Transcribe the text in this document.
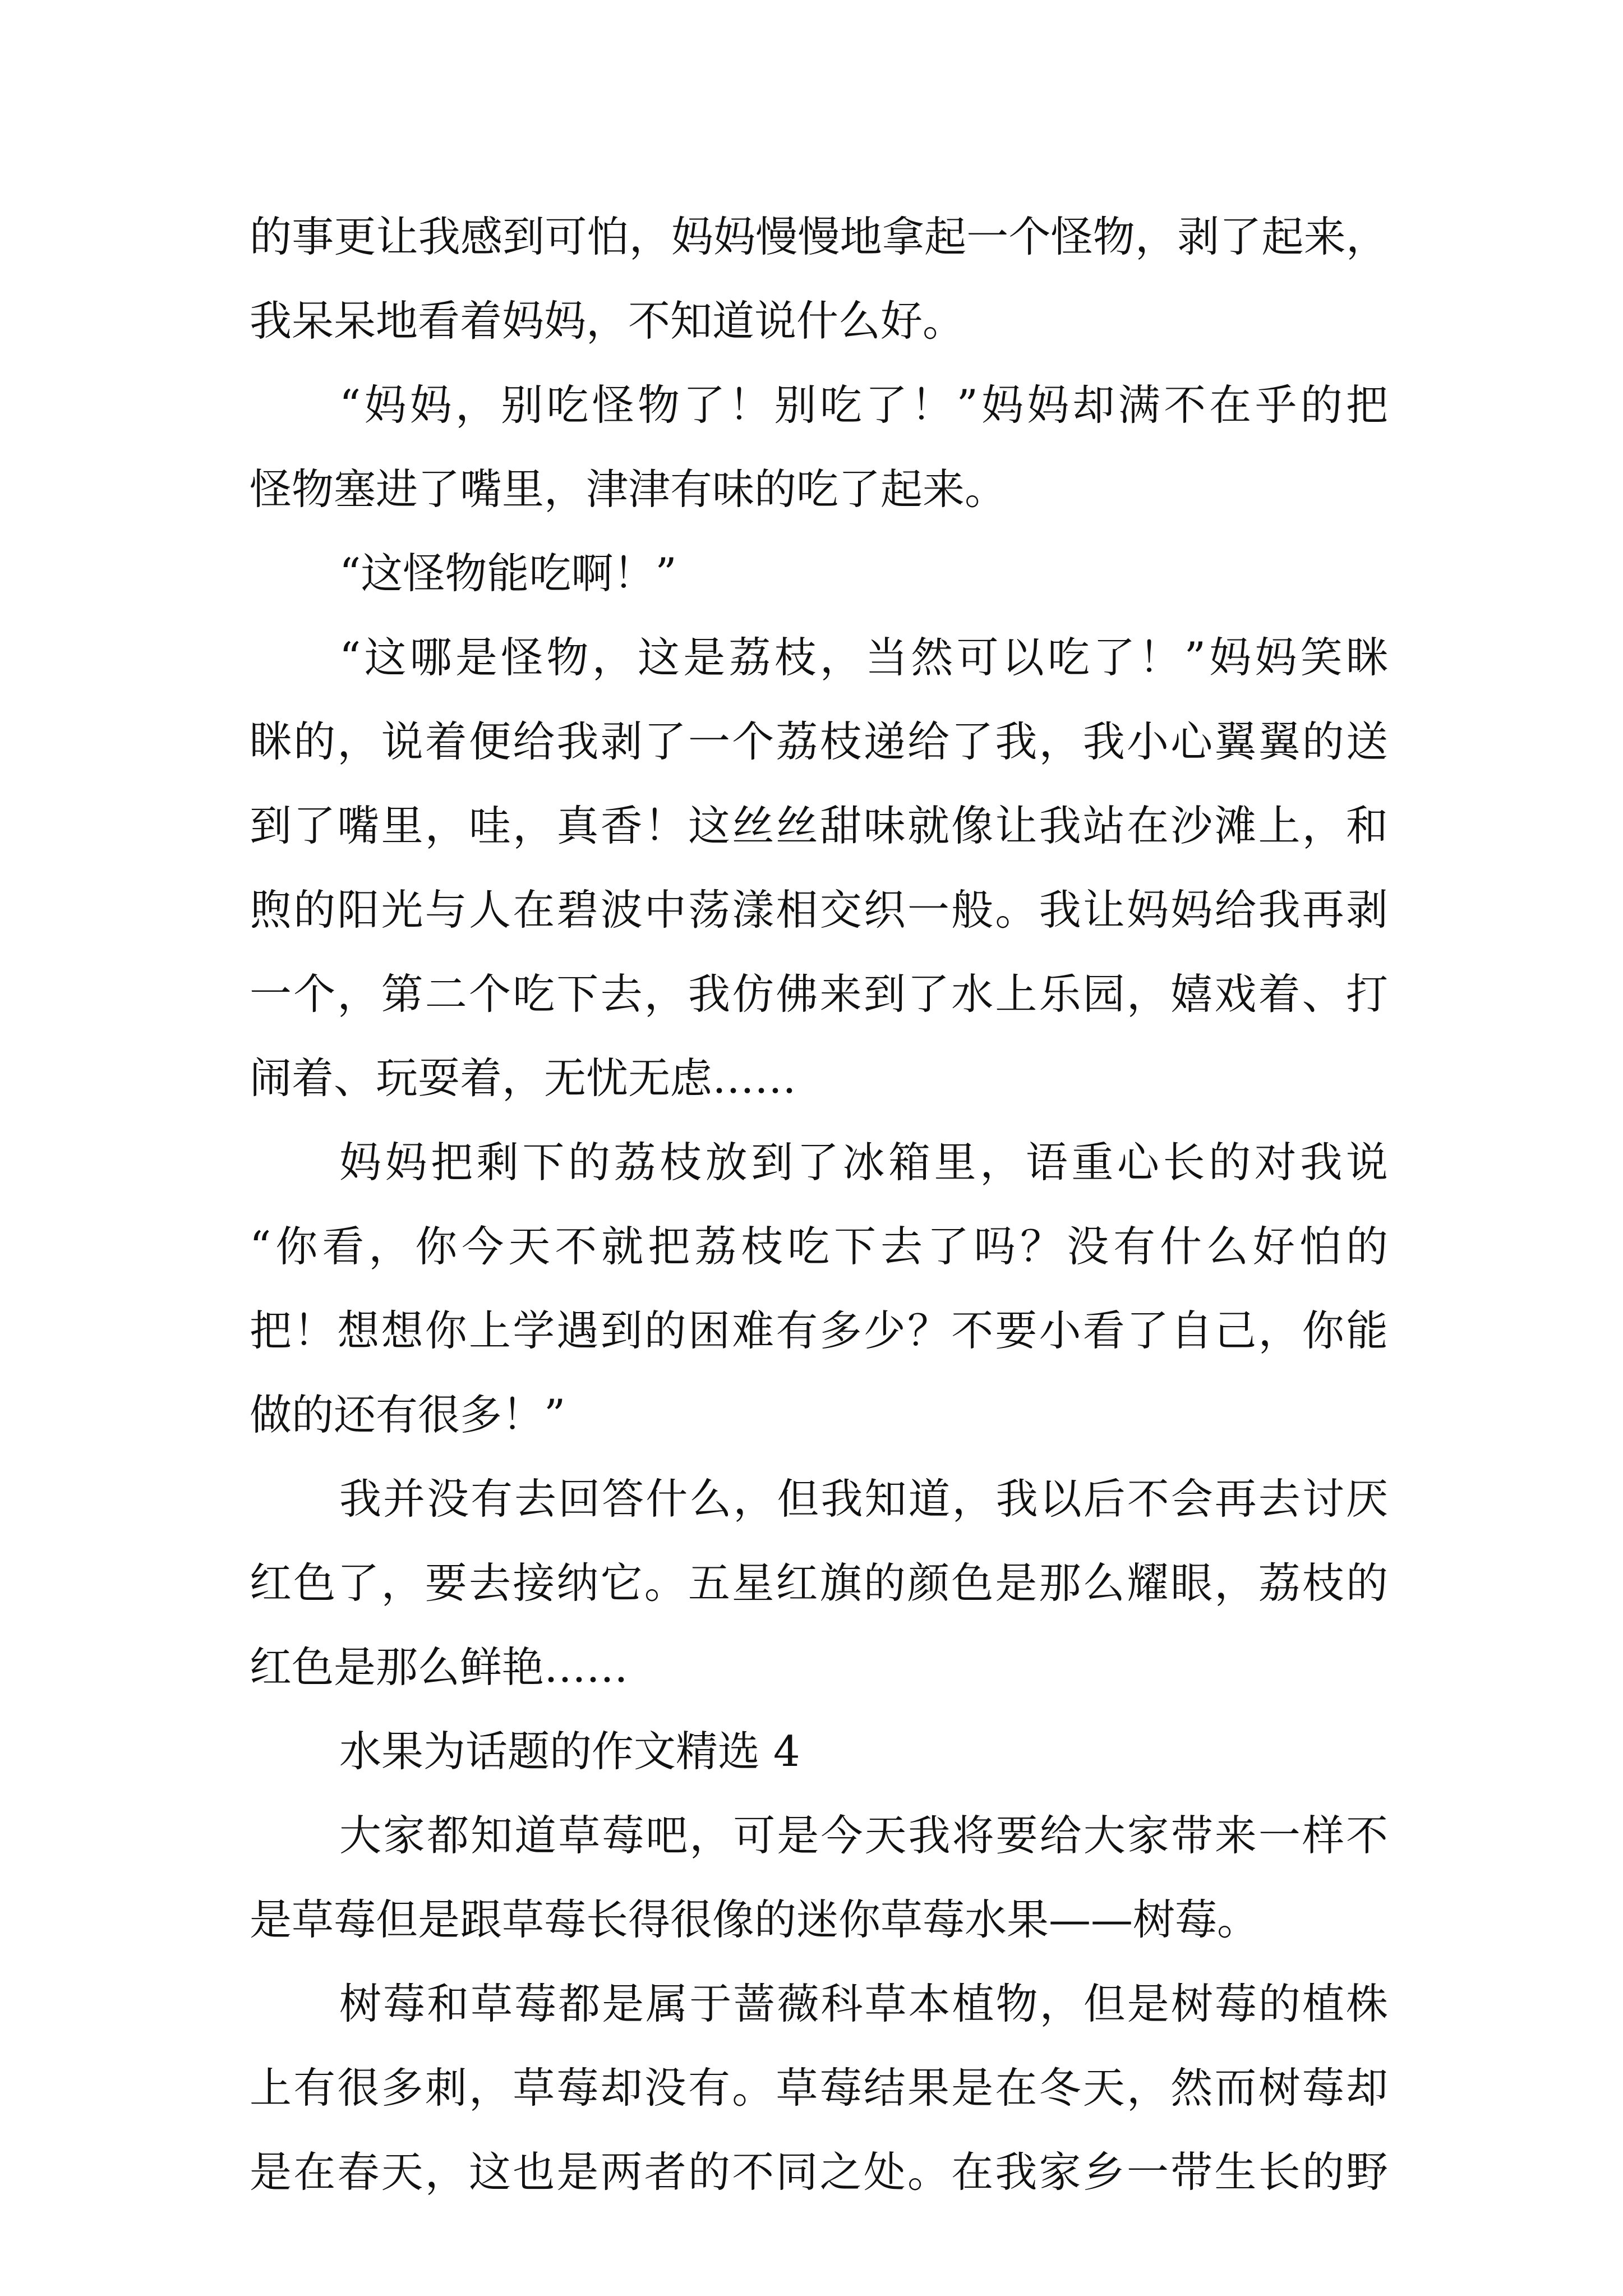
的事更让我感到可怕，妈妈慢慢地拿起一个怪物，剥了起来，
我呆呆地看着妈妈，不知道说什么好。
“妈妈，别吃怪物了！别吃了！”妈妈却满不在乎的把
怪物塞进了嘴里，津津有味的吃了起来。
“这怪物能吃啊！”
“这哪是怪物，这是荔枝，当然可以吃了！”妈妈笑眯
眯的，说着便给我剥了一个荔枝递给了我，我小心翼翼的送
到了嘴里，哇，真香！这丝丝甜味就像让我站在沙滩上，和
煦的阳光与人在碧波中荡漾相交织一般。我让妈妈给我再剥
一个，第二个吃下去，我仿佛来到了水上乐园，嬉戏着、打
闹着、玩耍着，无忧无虑……
妈妈把剩下的荔枝放到了冰箱里，语重心长的对我说
“你看，你今天不就把荔枝吃下去了吗？没有什么好怕的
把！想想你上学遇到的困难有多少？不要小看了自己，你能
做的还有很多！”
我并没有去回答什么，但我知道，我以后不会再去讨厌
红色了，要去接纳它。五星红旗的颜色是那么耀眼，荔枝的
红色是那么鲜艳……
水果为话题的作文精选 4
大家都知道草莓吧，可是今天我将要给大家带来一样不
是草莓但是跟草莓长得很像的迷你草莓水果——树莓。
树莓和草莓都是属于蔷薇科草本植物，但是树莓的植株
上有很多刺，草莓却没有。草莓结果是在冬天，然而树莓却
是在春天，这也是两者的不同之处。在我家乡一带生长的野
